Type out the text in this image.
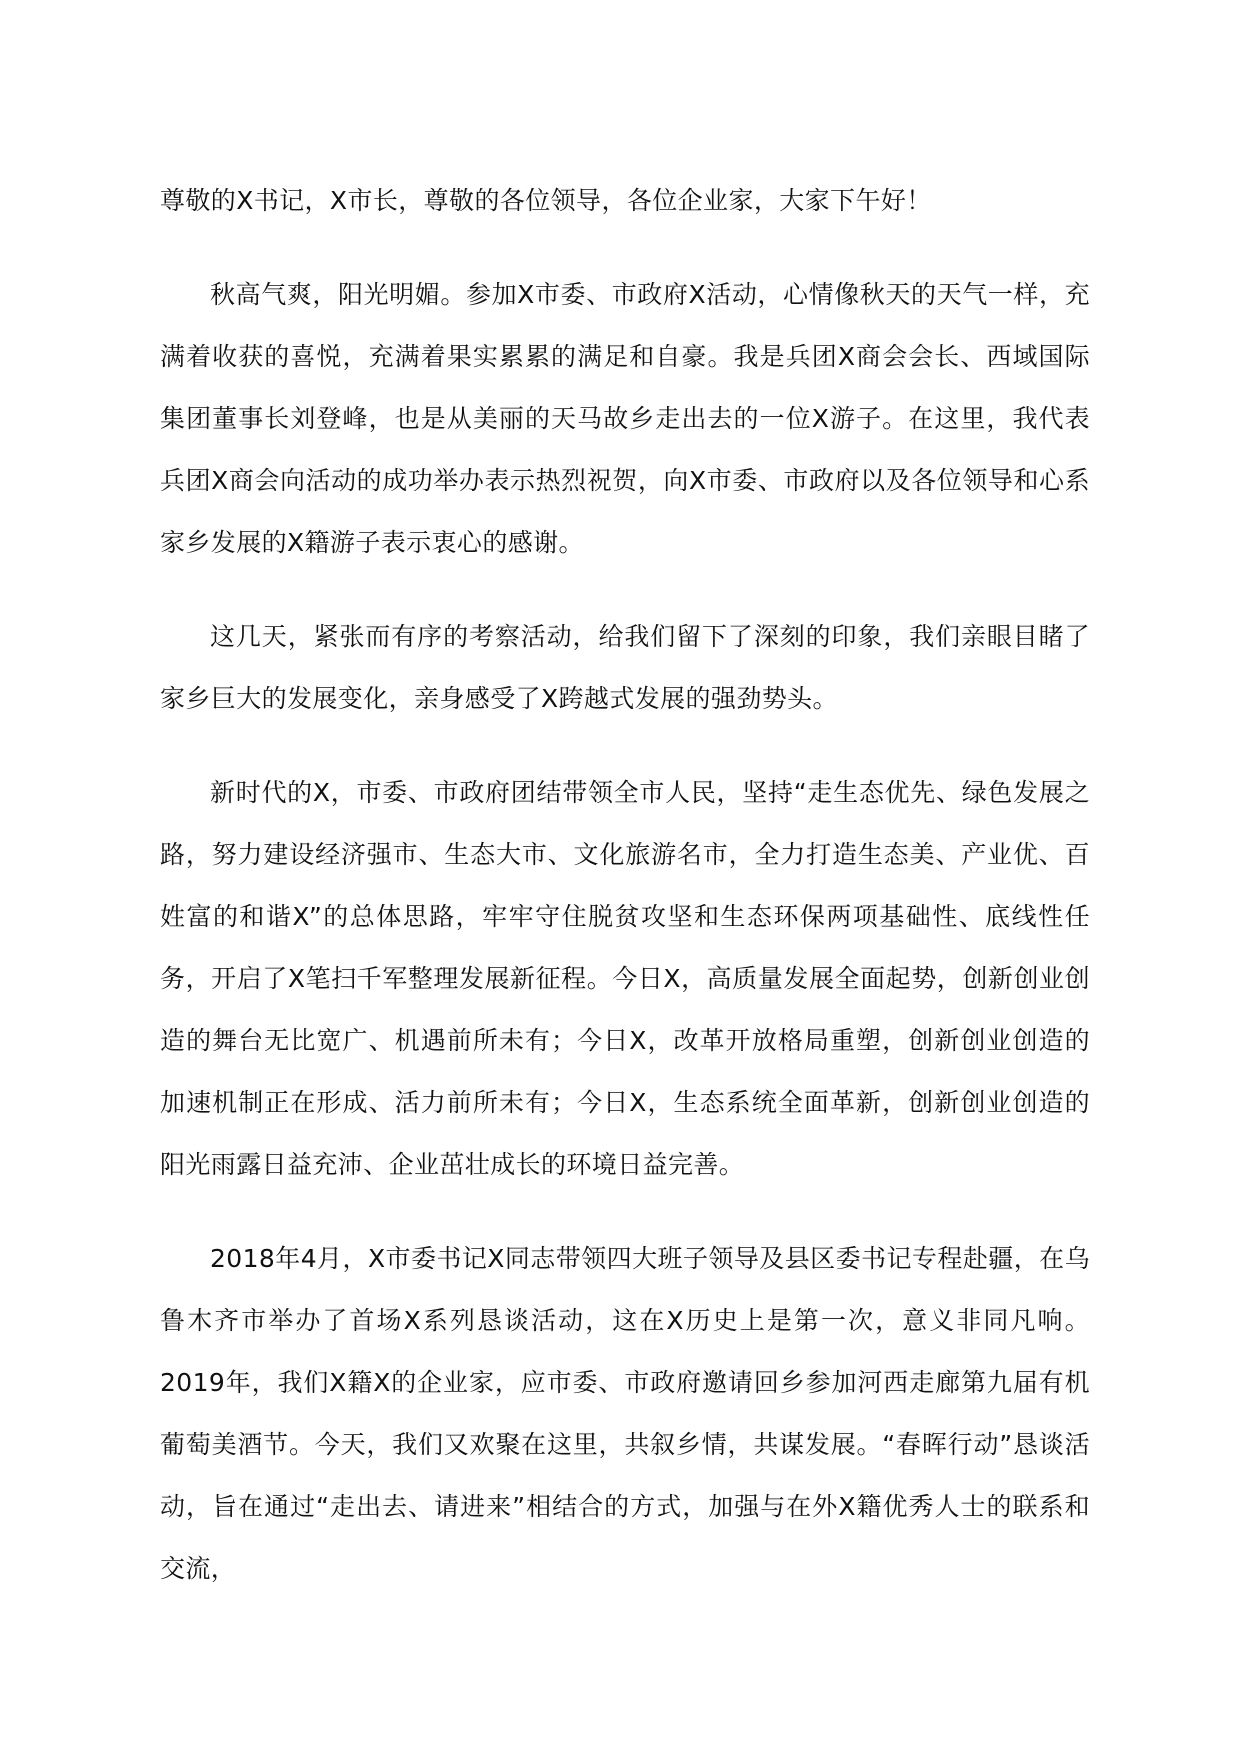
尊敬的X书记，X市长，尊敬的各位领导，各位企业家，大家下午好！

秋高气爽，阳光明媚。参加X市委、市政府X活动，心情像秋天的天气一样，充满着收获的喜悦，充满着果实累累的满足和自豪。我是兵团X商会会长、西域国际集团董事长刘登峰，也是从美丽的天马故乡走出去的一位X游子。在这里，我代表兵团X商会向活动的成功举办表示热烈祝贺，向X市委、市政府以及各位领导和心系家乡发展的X籍游子表示衷心的感谢。

这几天，紧张而有序的考察活动，给我们留下了深刻的印象，我们亲眼目睹了家乡巨大的发展变化，亲身感受了X跨越式发展的强劲势头。

新时代的X，市委、市政府团结带领全市人民，坚持“走生态优先、绿色发展之路，努力建设经济强市、生态大市、文化旅游名市，全力打造生态美、产业优、百姓富的和谐X”的总体思路，牢牢守住脱贫攻坚和生态环保两项基础性、底线性任务，开启了X笔扫千军整理发展新征程。今日X，高质量发展全面起势，创新创业创造的舞台无比宽广、机遇前所未有；今日X，改革开放格局重塑，创新创业创造的加速机制正在形成、活力前所未有；今日X，生态系统全面革新，创新创业创造的阳光雨露日益充沛、企业茁壮成长的环境日益完善。

2018年4月，X市委书记X同志带领四大班子领导及县区委书记专程赴疆，在乌鲁木齐市举办了首场X系列恳谈活动，这在X历史上是第一次，意义非同凡响。2019年，我们X籍X的企业家，应市委、市政府邀请回乡参加河西走廊第九届有机葡萄美酒节。今天，我们又欢聚在这里，共叙乡情，共谋发展。“春晖行动”恳谈活动，旨在通过“走出去、请进来”相结合的方式，加强与在外X籍优秀人士的联系和交流，
